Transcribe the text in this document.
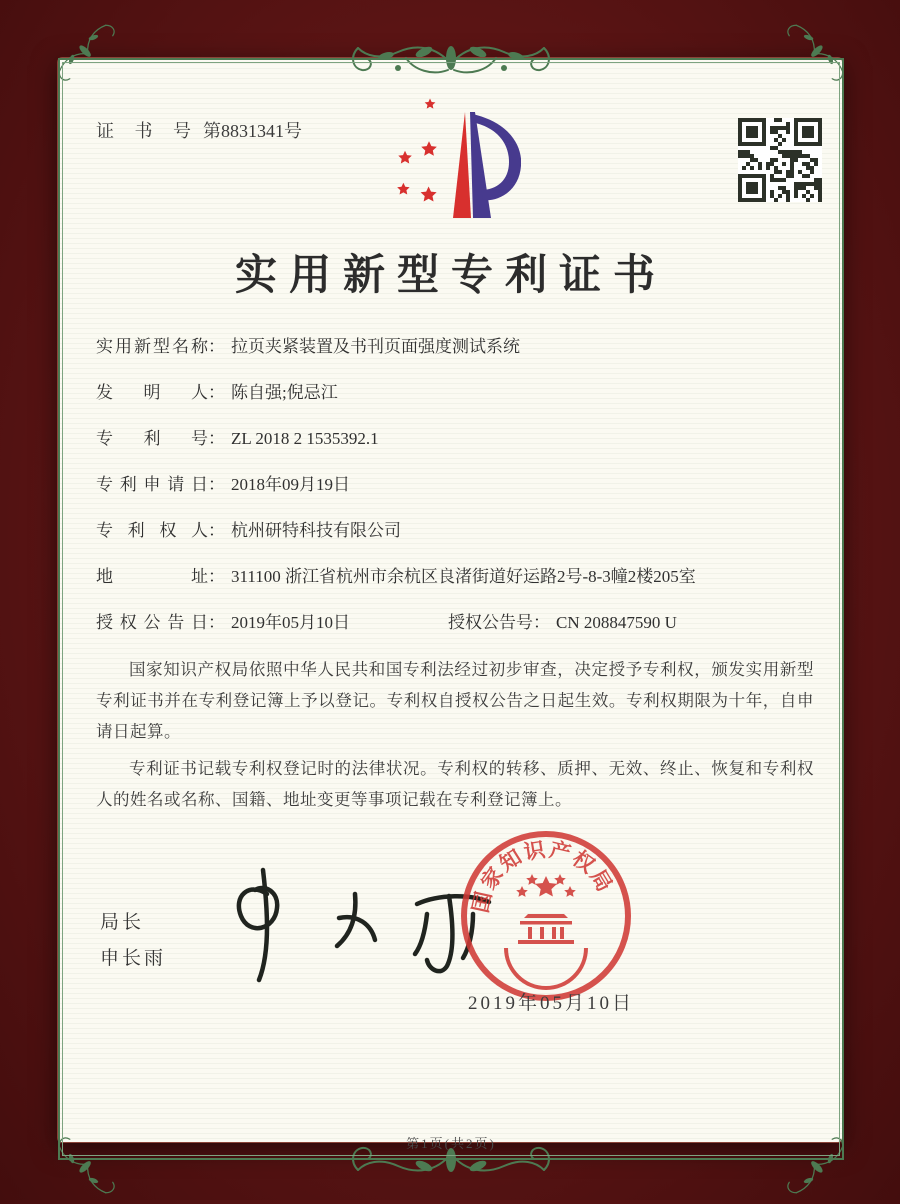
证 书 号 第8831341号
实用新型专利证书
实用新型名称： 拉页夹紧装置及书刊页面强度测试系统
发明人： 陈自强;倪忌江
专利号： ZL 2018 2 1535392.1
专利申请日： 2018年09月19日
专利权人： 杭州研特科技有限公司
地址： 311100 浙江省杭州市余杭区良渚街道好运路2号-8-3幢2楼205室
授权公告日： 2019年05月10日	授权公告号： CN 208847590 U

国家知识产权局依照中华人民共和国专利法经过初步审查，决定授予专利权，颁发实用新型专利证书并在专利登记簿上予以登记。专利权自授权公告之日起生效。专利权期限为十年，自申请日起算。

专利证书记载专利权登记时的法律状况。专利权的转移、质押、无效、终止、恢复和专利权人的姓名或名称、国籍、地址变更等事项记载在专利登记簿上。

局长
申长雨
国家知识产权局
2019年05月10日
第1页(共2页)
